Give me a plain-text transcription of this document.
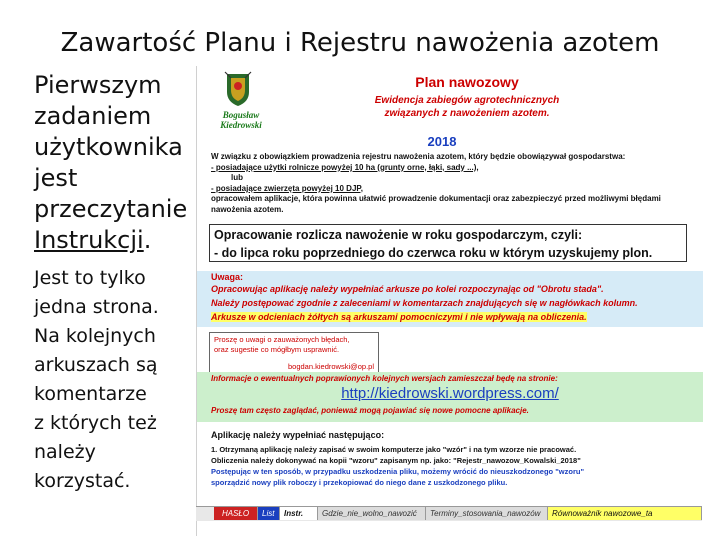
Zawartość Planu i Rejestru nawożenia azotem
Pierwszym
zadaniem
użytkownika
jest
przeczytanie
Instrukcji.
Jest to tylko
jedna strona.
Na kolejnych
arkuszach są
komentarze
z których też
należy
korzystać.
Bogusław Kiedrowski
Plan nawozowy
Ewidencja zabiegów agrotechnicznych
związanych z nawożeniem azotem.
2018
W związku z obowiązkiem prowadzenia rejestru nawożenia azotem, który będzie obowiązywał gospodarstwa:
- posiadające użytki rolnicze powyżej 10 ha (grunty orne, łąki, sady ...),
lub
- posiadające zwierzęta powyżej 10 DJP,
opracowałem aplikacje, która powinna ułatwić prowadzenie dokumentacji oraz zabezpieczyć przed możliwymi błędami
nawożenia azotem.
Opracowanie rozlicza nawożenie w roku gospodarczym, czyli:
- do lipca roku poprzedniego do czerwca roku w którym uzyskujemy plon.
Uwaga:
Opracowując aplikację należy wypełniać arkusze po kolei rozpoczynając od "Obrotu stada".
Należy postępować zgodnie z zaleceniami w komentarzach znajdujących się w nagłówkach kolumn.
Arkusze w odcieniach żółtych są arkuszami pomocniczymi i nie wpływają na obliczenia.
Proszę o uwagi o zauważonych błędach,
oraz sugestie co mógłbym usprawnić.
bogdan.kiedrowski@op.pl
Informacje o ewentualnych poprawionych kolejnych wersjach zamieszczał będę na stronie:
http://kiedrowski.wordpress.com/
Proszę tam często zaglądać, ponieważ mogą pojawiać się nowe pomocne aplikacje.
Aplikację należy wypełniać następująco:
1. Otrzymaną aplikację należy zapisać w swoim komputerze jako "wzór" i na tym wzorze nie pracować.
Obliczenia należy dokonywać na kopii "wzoru" zapisanym np. jako: "Rejestr_nawozow_Kowalski_2018"
Postępując w ten sposób, w przypadku uszkodzenia pliku, możemy wrócić do nieuszkodzonego "wzoru"
sporządzić nowy plik roboczy i przekopiować do niego dane z uszkodzonego pliku.
HASŁO	List	Instr.	Gdzie_nie_wolno_nawozić	Terminy_stosowania_nawozów	Równoważnik nawozowe_ta
